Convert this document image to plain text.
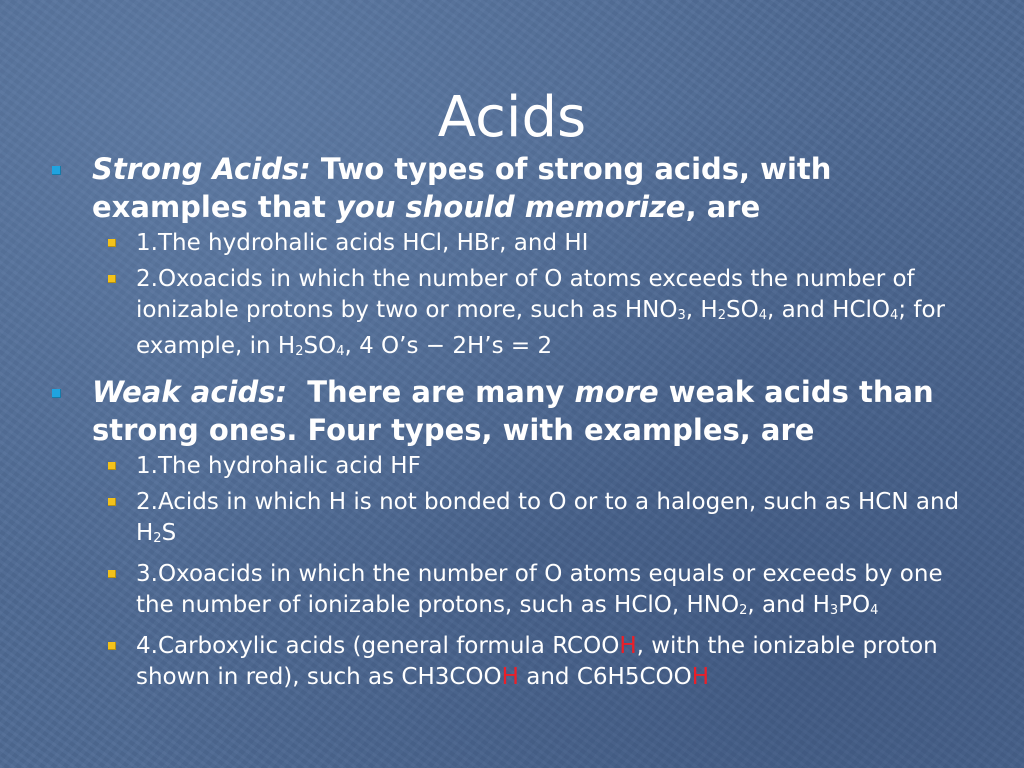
Acids

Strong Acids: Two types of strong acids, with examples that you should memorize, are

1.The hydrohalic acids HCl, HBr, and HI

2.Oxoacids in which the number of O atoms exceeds the number of ionizable protons by two or more, such as HNO3, H2SO4, and HClO4; for example, in H2SO4, 4 O’s − 2H’s = 2

Weak acids:  There are many more weak acids than strong ones. Four types, with examples, are

1.The hydrohalic acid HF

2.Acids in which H is not bonded to O or to a halogen, such as HCN and H2S

3.Oxoacids in which the number of O atoms equals or exceeds by one the number of ionizable protons, such as HClO, HNO2, and H3PO4

4.Carboxylic acids (general formula RCOOH, with the ionizable proton shown in red), such as CH3COOH and C6H5COOH
